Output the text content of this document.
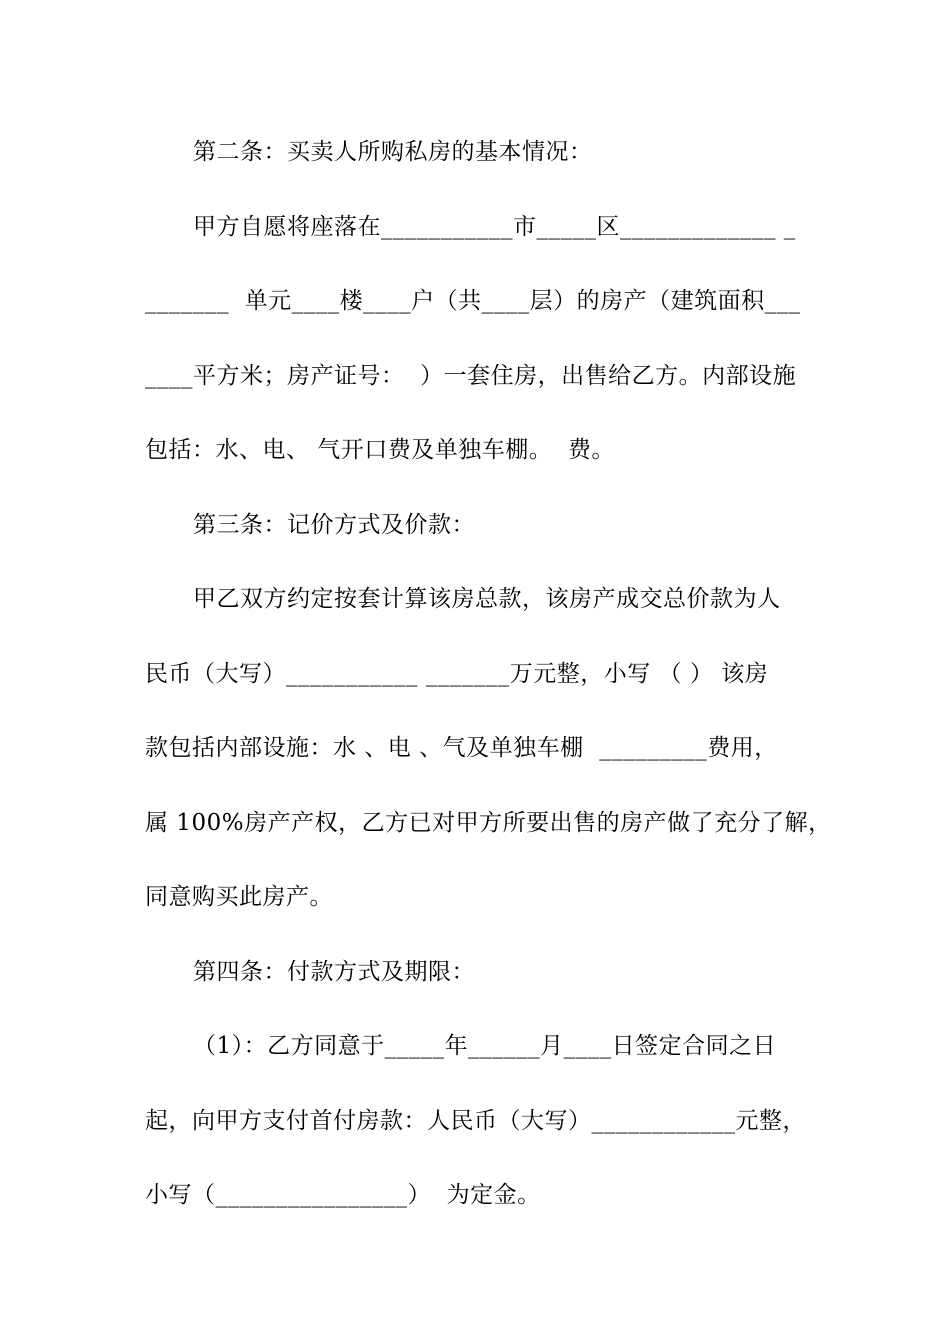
第二条：买卖人所购私房的基本情况：
甲方自愿将座落在___________市_____区_____________ _
_______  单元____楼____户（共____层）的房产（建筑面积___
____平方米；房产证号：  ）一套住房，出售给乙方。内部设施
包括：水、电、 气开口费及单独车棚。  费。
第三条：记价方式及价款：
甲乙双方约定按套计算该房总款，该房产成交总价款为人
民币（大写）___________ _______万元整，小写 （ ） 该房
款包括内部设施：水 、电 、气及单独车棚  _________费用，
属 100%房产产权，乙方已对甲方所要出售的房产做了充分了解，
同意购买此房产。
第四条：付款方式及期限：
（1）：乙方同意于_____年______月____日签定合同之日
起，向甲方支付首付房款：人民币（大写）____________元整，
小写（________________）  为定金。
